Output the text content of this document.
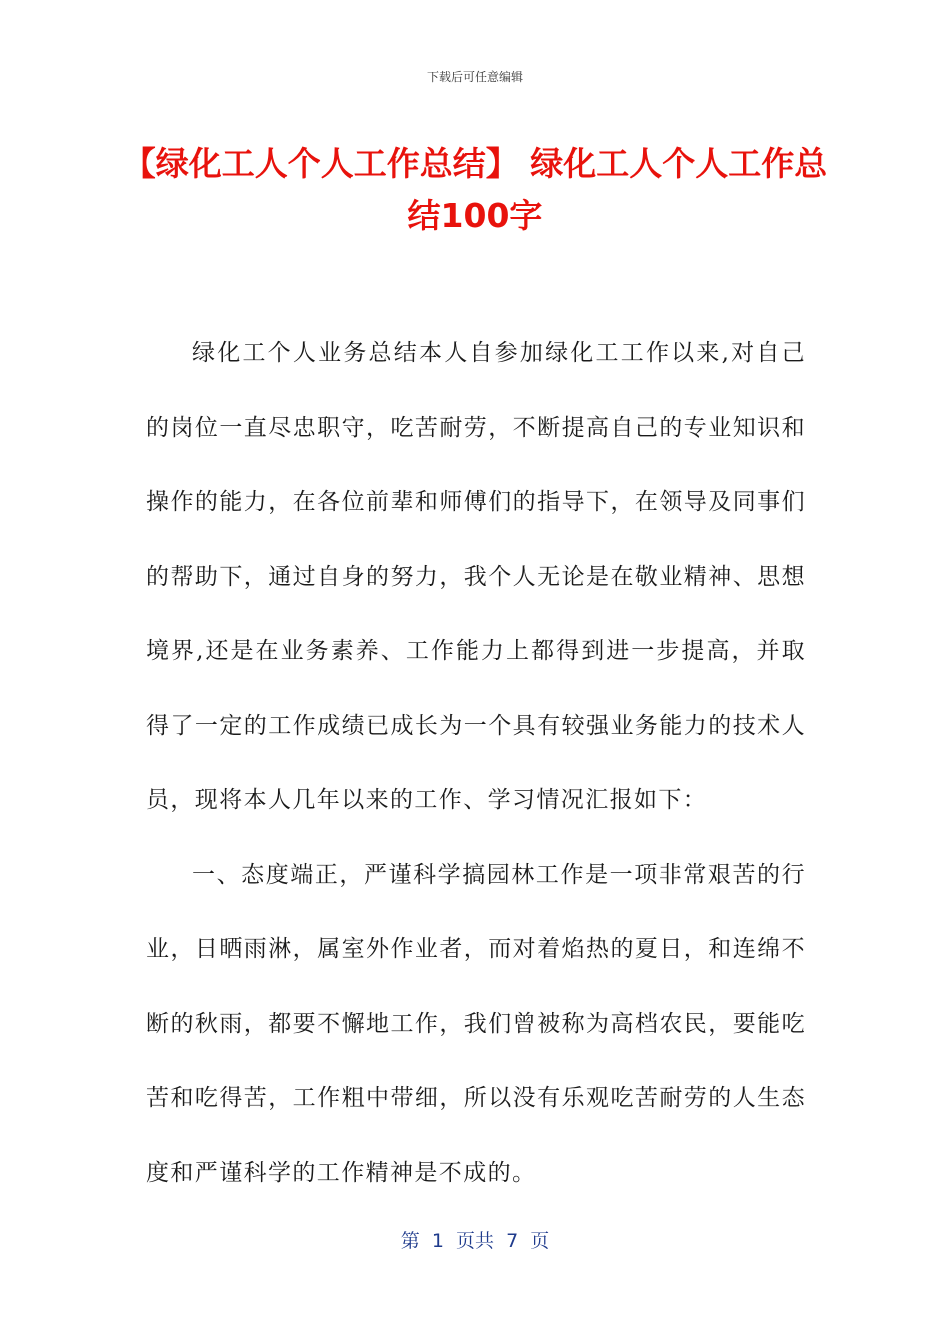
下载后可任意编辑
【绿化工人个人工作总结】 绿化工人个人工作总结100字

绿化工个人业务总结本人自参加绿化工工作以来,对自己的岗位一直尽忠职守，吃苦耐劳，不断提高自己的专业知识和操作的能力，在各位前辈和师傅们的指导下，在领导及同事们的帮助下，通过自身的努力，我个人无论是在敬业精神、思想境界,还是在业务素养、工作能力上都得到进一步提高，并取得了一定的工作成绩已成长为一个具有较强业务能力的技术人员，现将本人几年以来的工作、学习情况汇报如下：

一、态度端正，严谨科学搞园林工作是一项非常艰苦的行业，日晒雨淋，属室外作业者，而对着焰热的夏日，和连绵不断的秋雨，都要不懈地工作，我们曾被称为高档农民，要能吃苦和吃得苦，工作粗中带细，所以没有乐观吃苦耐劳的人生态度和严谨科学的工作精神是不成的。

第  1  页共  7  页
